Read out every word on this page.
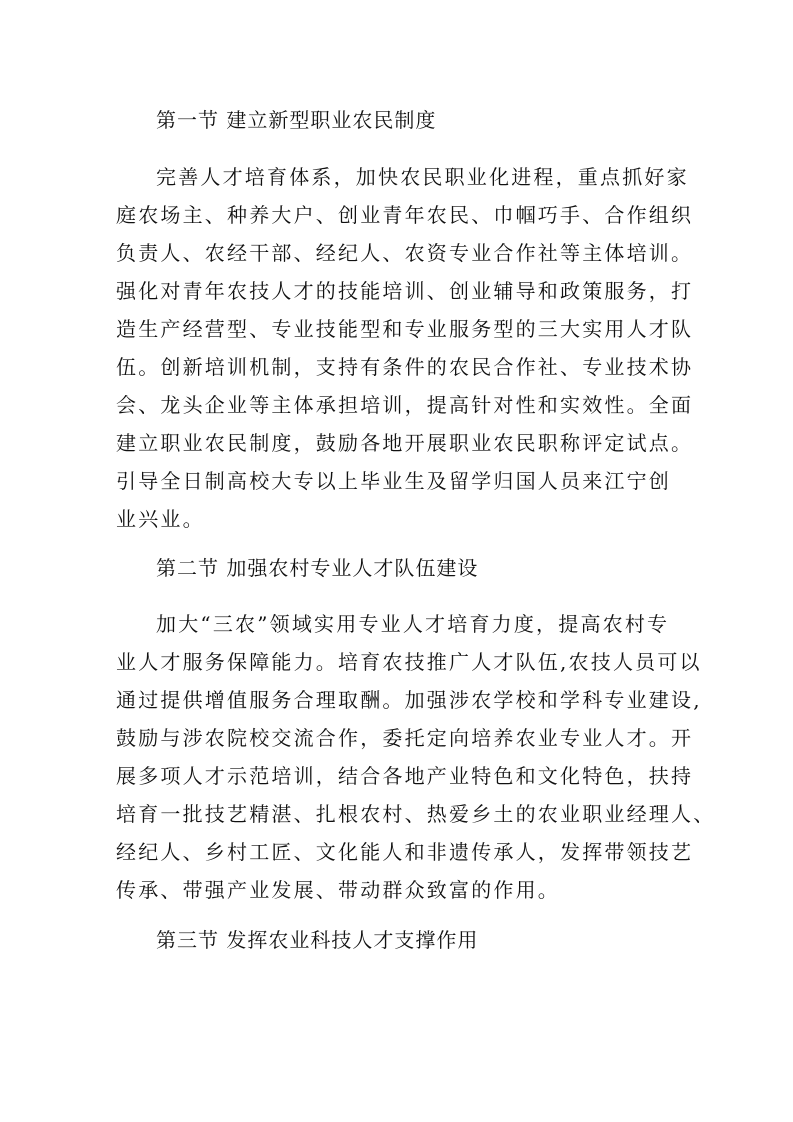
第一节 建立新型职业农民制度
完善人才培育体系，加快农民职业化进程，重点抓好家
庭农场主、种养大户、创业青年农民、巾帼巧手、合作组织
负责人、农经干部、经纪人、农资专业合作社等主体培训。
强化对青年农技人才的技能培训、创业辅导和政策服务，打
造生产经营型、专业技能型和专业服务型的三大实用人才队
伍。创新培训机制，支持有条件的农民合作社、专业技术协
会、龙头企业等主体承担培训，提高针对性和实效性。全面
建立职业农民制度，鼓励各地开展职业农民职称评定试点。
引导全日制高校大专以上毕业生及留学归国人员来江宁创
业兴业。
第二节 加强农村专业人才队伍建设
加大“三农”领域实用专业人才培育力度，提高农村专
业人才服务保障能力。培育农技推广人才队伍,农技人员可以
通过提供增值服务合理取酬。加强涉农学校和学科专业建设,
鼓励与涉农院校交流合作，委托定向培养农业专业人才。开
展多项人才示范培训，结合各地产业特色和文化特色，扶持
培育一批技艺精湛、扎根农村、热爱乡土的农业职业经理人、
经纪人、乡村工匠、文化能人和非遗传承人，发挥带领技艺
传承、带强产业发展、带动群众致富的作用。
第三节 发挥农业科技人才支撑作用
